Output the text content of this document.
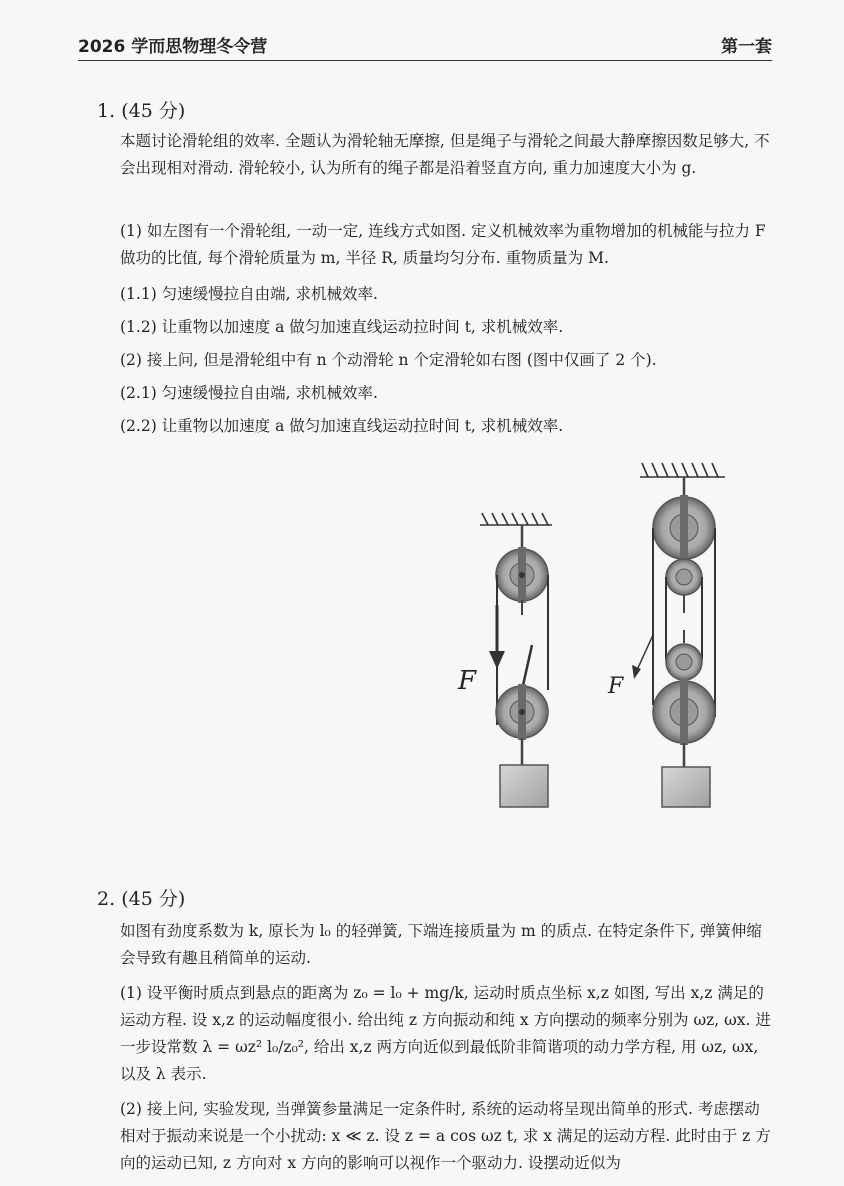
2026 学而思物理冬令营	第一套
1. (45 分)

本题讨论滑轮组的效率. 全题认为滑轮轴无摩擦, 但是绳子与滑轮之间最大静摩擦因数足够大, 不会出现相对滑动. 滑轮较小, 认为所有的绳子都是沿着竖直方向, 重力加速度大小为 g.

(1) 如左图有一个滑轮组, 一动一定, 连线方式如图. 定义机械效率为重物增加的机械能与拉力 F 做功的比值, 每个滑轮质量为 m, 半径 R, 质量均匀分布. 重物质量为 M.

(1.1) 匀速缓慢拉自由端, 求机械效率.

(1.2) 让重物以加速度 a 做匀加速直线运动拉时间 t, 求机械效率.

(2) 接上问, 但是滑轮组中有 n 个动滑轮 n 个定滑轮如右图 (图中仅画了 2 个).

(2.1) 匀速缓慢拉自由端, 求机械效率.

(2.2) 让重物以加速度 a 做匀加速直线运动拉时间 t, 求机械效率.

F	F
2. (45 分)

如图有劲度系数为 k, 原长为 l₀ 的轻弹簧, 下端连接质量为 m 的质点. 在特定条件下, 弹簧伸缩会导致有趣且稍简单的运动.

(1) 设平衡时质点到悬点的距离为 z₀ = l₀ + mg/k, 运动时质点坐标 x,z 如图, 写出 x,z 满足的运动方程. 设 x,z 的运动幅度很小. 给出纯 z 方向振动和纯 x 方向摆动的频率分别为 ωz, ωx. 进一步设常数 λ = ωz² l₀/z₀², 给出 x,z 两方向近似到最低阶非简谐项的动力学方程, 用 ωz, ωx, 以及 λ 表示.

(2) 接上问, 实验发现, 当弹簧参量满足一定条件时, 系统的运动将呈现出简单的形式. 考虑摆动相对于振动来说是一个小扰动: x ≪ z. 设 z = a cos ωz t, 求 x 满足的运动方程. 此时由于 z 方向的运动已知, z 方向对 x 方向的影响可以视作一个驱动力. 设摆动近似为
